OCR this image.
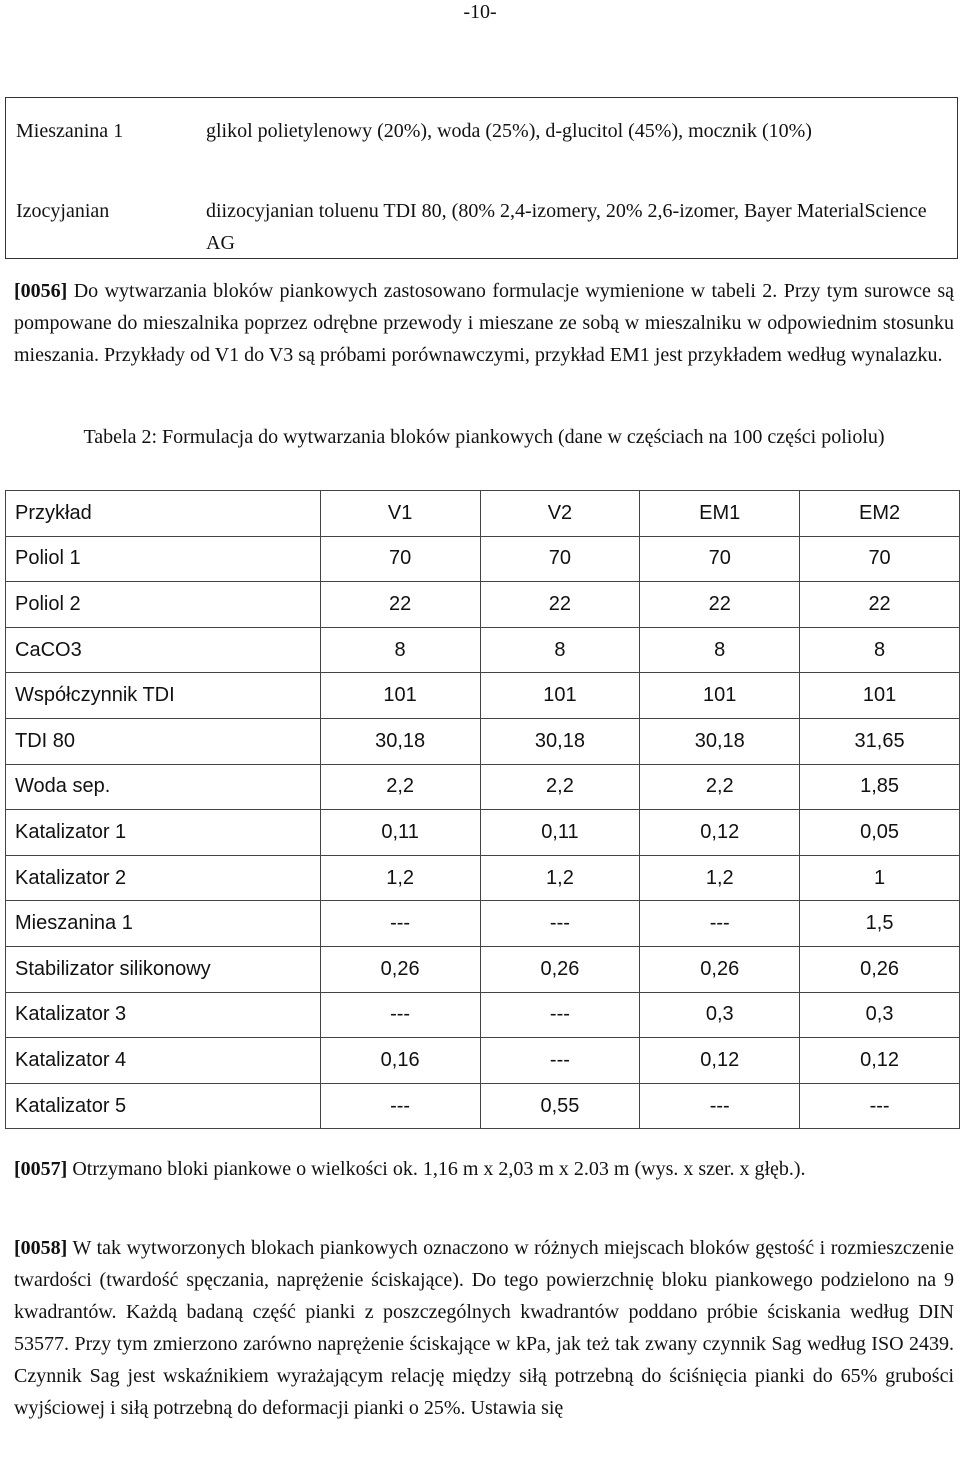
-10-
Mieszanina 1	glikol polietylenowy (20%), woda (25%), d-glucitol (45%), mocznik (10%)
Izocyjanian	diizocyjanian toluenu TDI 80, (80% 2,4-izomery, 20% 2,6-izomer, Bayer MaterialScience AG
[0056] Do wytwarzania bloków piankowych zastosowano formulacje wymienione w tabeli 2. Przy tym surowce są pompowane do mieszalnika poprzez odrębne przewody i mieszane ze sobą w mieszalniku w odpowiednim stosunku mieszania. Przykłady od V1 do V3 są próbami porównawczymi, przykład EM1 jest przykładem według wynalazku.
Tabela 2: Formulacja do wytwarzania bloków piankowych (dane w częściach na 100 części poliolu)
Przykład	V1	V2	EM1	EM2
Poliol 1	70	70	70	70
Poliol 2	22	22	22	22
CaCO3	8	8	8	8
Współczynnik TDI	101	101	101	101
TDI 80	30,18	30,18	30,18	31,65
Woda sep.	2,2	2,2	2,2	1,85
Katalizator 1	0,11	0,11	0,12	0,05
Katalizator 2	1,2	1,2	1,2	1
Mieszanina 1	---	---	---	1,5
Stabilizator silikonowy	0,26	0,26	0,26	0,26
Katalizator 3	---	---	0,3	0,3
Katalizator 4	0,16	---	0,12	0,12
Katalizator 5	---	0,55	---	---
[0057] Otrzymano bloki piankowe o wielkości ok. 1,16 m x 2,03 m x 2.03 m (wys. x szer. x głęb.).
[0058] W tak wytworzonych blokach piankowych oznaczono w różnych miejscach bloków gęstość i rozmieszczenie twardości (twardość spęczania, naprężenie ściskające). Do tego powierzchnię bloku piankowego podzielono na 9 kwadrantów. Każdą badaną część pianki z poszczególnych kwadrantów poddano próbie ściskania według DIN 53577. Przy tym zmierzono zarówno naprężenie ściskające w kPa, jak też tak zwany czynnik Sag według ISO 2439. Czynnik Sag jest wskaźnikiem wyrażającym relację między siłą potrzebną do ściśnięcia pianki do 65% grubości wyjściowej i siłą potrzebną do deformacji pianki o 25%. Ustawia się
